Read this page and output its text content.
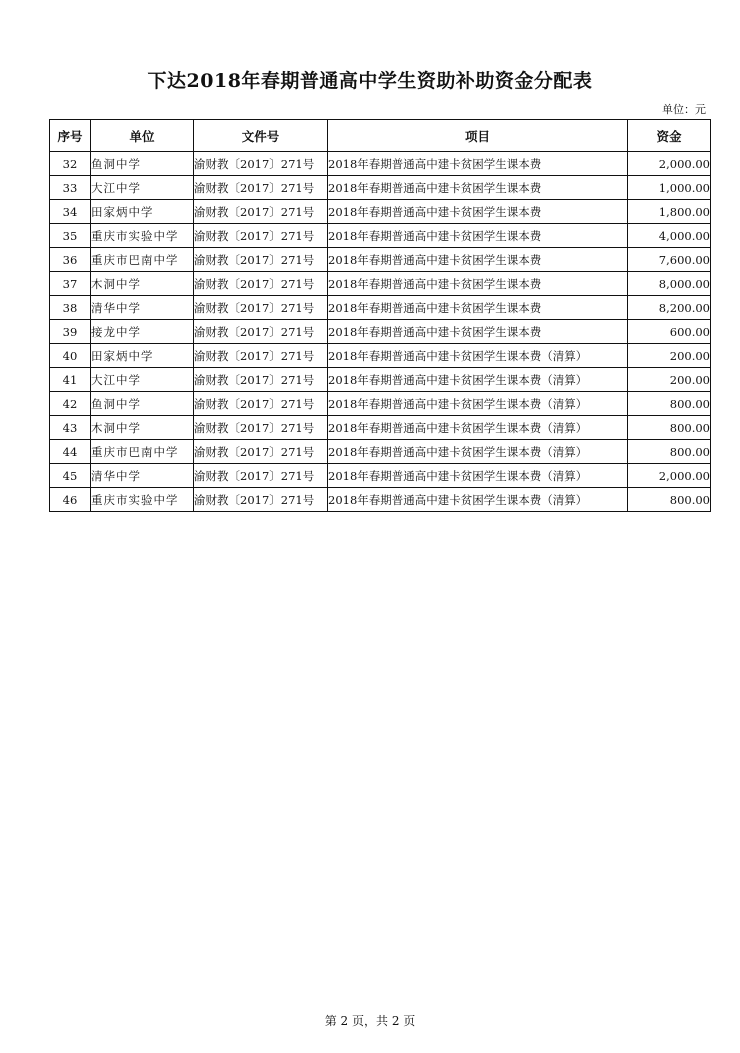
下达2018年春期普通高中学生资助补助资金分配表
单位：元
序号	单位	文件号	项目	资金
32	鱼洞中学	渝财教〔2017〕271号	2018年春期普通高中建卡贫困学生课本费	2,000.00
33	大江中学	渝财教〔2017〕271号	2018年春期普通高中建卡贫困学生课本费	1,000.00
34	田家炳中学	渝财教〔2017〕271号	2018年春期普通高中建卡贫困学生课本费	1,800.00
35	重庆市实验中学	渝财教〔2017〕271号	2018年春期普通高中建卡贫困学生课本费	4,000.00
36	重庆市巴南中学	渝财教〔2017〕271号	2018年春期普通高中建卡贫困学生课本费	7,600.00
37	木洞中学	渝财教〔2017〕271号	2018年春期普通高中建卡贫困学生课本费	8,000.00
38	清华中学	渝财教〔2017〕271号	2018年春期普通高中建卡贫困学生课本费	8,200.00
39	接龙中学	渝财教〔2017〕271号	2018年春期普通高中建卡贫困学生课本费	600.00
40	田家炳中学	渝财教〔2017〕271号	2018年春期普通高中建卡贫困学生课本费（清算）	200.00
41	大江中学	渝财教〔2017〕271号	2018年春期普通高中建卡贫困学生课本费（清算）	200.00
42	鱼洞中学	渝财教〔2017〕271号	2018年春期普通高中建卡贫困学生课本费（清算）	800.00
43	木洞中学	渝财教〔2017〕271号	2018年春期普通高中建卡贫困学生课本费（清算）	800.00
44	重庆市巴南中学	渝财教〔2017〕271号	2018年春期普通高中建卡贫困学生课本费（清算）	800.00
45	清华中学	渝财教〔2017〕271号	2018年春期普通高中建卡贫困学生课本费（清算）	2,000.00
46	重庆市实验中学	渝财教〔2017〕271号	2018年春期普通高中建卡贫困学生课本费（清算）	800.00
第 2 页，共 2 页
